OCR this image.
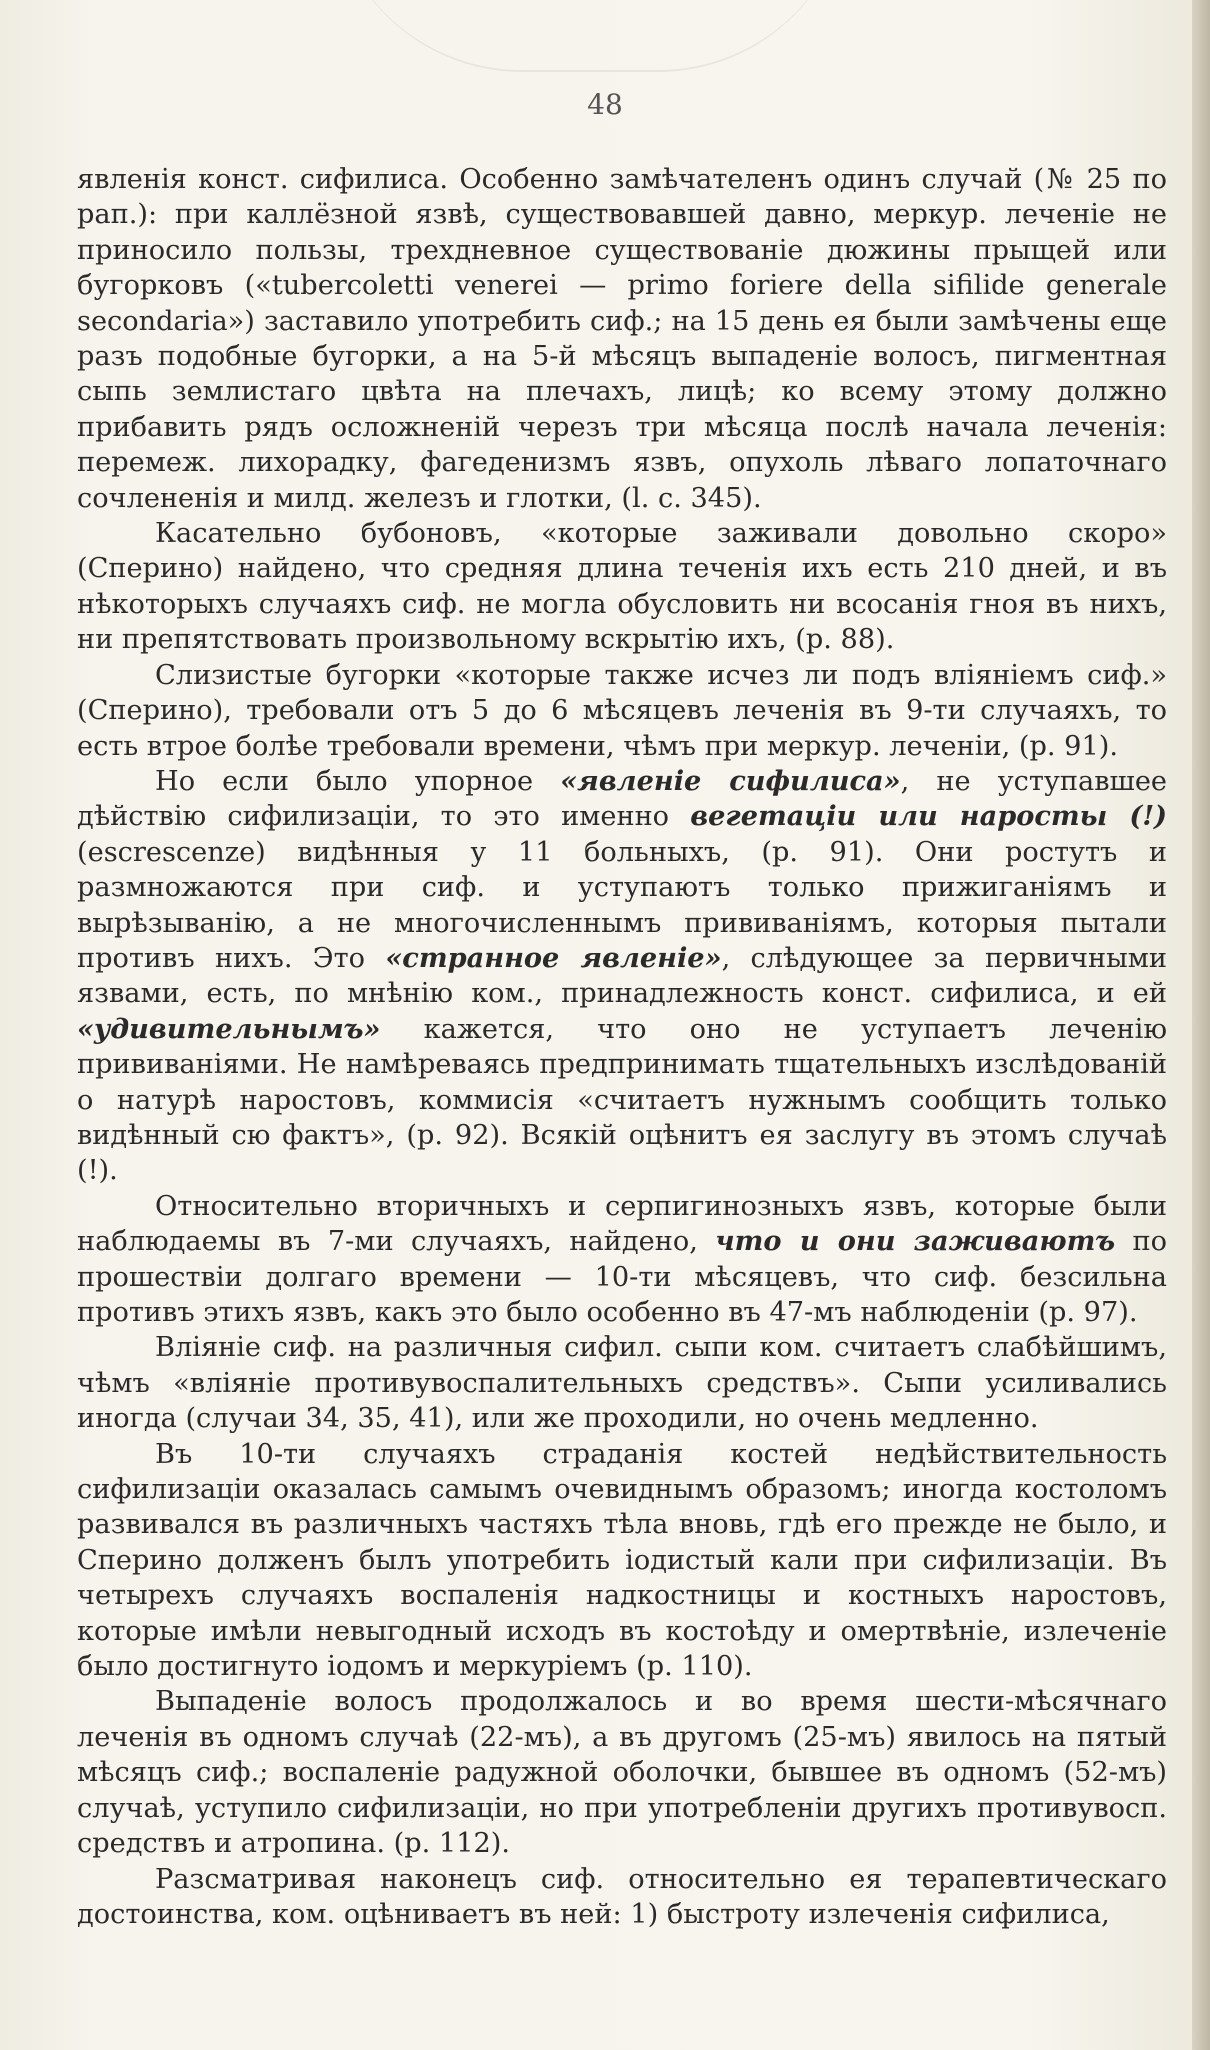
48

явленія конст. сифилиса. Особенно замѣчателенъ одинъ случай (№ 25 по рап.): при каллёзной язвѣ, существовавшей давно, меркур. леченіе не приносило пользы, трехдневное существованіе дюжины прыщей или бугорковъ («tubercoletti venerei — primo foriere della sifilide generale secondaria») заставило употребить сиф.; на 15 день ея были замѣчены еще разъ подобные бугорки, а на 5-й мѣсяцъ выпаденіе волосъ, пигментная сыпь землистаго цвѣта на плечахъ, лицѣ; ко всему этому должно прибавить рядъ осложненій черезъ три мѣсяца послѣ начала леченія: перемеж. лихорадку, фагеденизмъ язвъ, опухоль лѣваго лопаточнаго сочлененія и милд. железъ и глотки, (l. c. 345).

Касательно бубоновъ, «которые заживали довольно скоро» (Сперино) найдено, что средняя длина теченія ихъ есть 210 дней, и въ нѣкоторыхъ случаяхъ сиф. не могла обусловить ни всосанія гноя въ нихъ, ни препятствовать произвольному вскрытію ихъ, (р. 88).

Слизистые бугорки «которые также исчез ли подъ вліяніемъ сиф.» (Сперино), требовали отъ 5 до 6 мѣсяцевъ леченія въ 9-ти случаяхъ, то есть втрое болѣе требовали времени, чѣмъ при меркур. леченіи, (р. 91).

Но если было упорное «явленіе сифилиса», не уступавшее дѣйствію сифилизаціи, то это именно вегетаціи или наросты (!) (escrescenze) видѣнныя у 11 больныхъ, (р. 91). Они ростутъ и размножаются при сиф. и уступаютъ только прижиганіямъ и вырѣзыванію, а не многочисленнымъ прививаніямъ, которыя пытали противъ нихъ. Это «странное явленіе», слѣдующее за первичными язвами, есть, по мнѣнію ком., принадлежность конст. сифилиса, и ей «удивительнымъ» кажется, что оно не уступаетъ леченію прививаніями. Не намѣреваясь предпринимать тщательныхъ изслѣдованій о натурѣ наростовъ, коммисія «считаетъ нужнымъ сообщить только видѣнный сю фактъ», (р. 92). Всякій оцѣнитъ ея заслугу въ этомъ случаѣ (!).

Относительно вторичныхъ и серпигинозныхъ язвъ, которые были наблюдаемы въ 7-ми случаяхъ, найдено, что и они заживаютъ по прошествіи долгаго времени — 10-ти мѣсяцевъ, что сиф. безсильна противъ этихъ язвъ, какъ это было особенно въ 47-мъ наблюденіи (р. 97).

Вліяніе сиф. на различныя сифил. сыпи ком. считаетъ слабѣйшимъ, чѣмъ «вліяніе противувоспалительныхъ средствъ». Сыпи усиливались иногда (случаи 34, 35, 41), или же проходили, но очень медленно.

Въ 10-ти случаяхъ страданія костей недѣйствительность сифилизаціи оказалась самымъ очевиднымъ образомъ; иногда костоломъ развивался въ различныхъ частяхъ тѣла вновь, гдѣ его прежде не было, и Сперино долженъ былъ употребить іодистый кали при сифилизаціи. Въ четырехъ случаяхъ воспаленія надкостницы и костныхъ наростовъ, которые имѣли невыгодный исходъ въ костоѣду и омертвѣніе, излеченіе было достигнуто іодомъ и меркуріемъ (р. 110).

Выпаденіе волосъ продолжалось и во время шести-мѣсячнаго леченія въ одномъ случаѣ (22-мъ), а въ другомъ (25-мъ) явилось на пятый мѣсяцъ сиф.; воспаленіе радужной оболочки, бывшее въ одномъ (52-мъ) случаѣ, уступило сифилизаціи, но при употребленіи другихъ противувосп. средствъ и атропина. (р. 112).

Разсматривая наконецъ сиф. относительно ея терапевтическаго достоинства, ком. оцѣниваетъ въ ней: 1) быстроту излеченія сифилиса,
